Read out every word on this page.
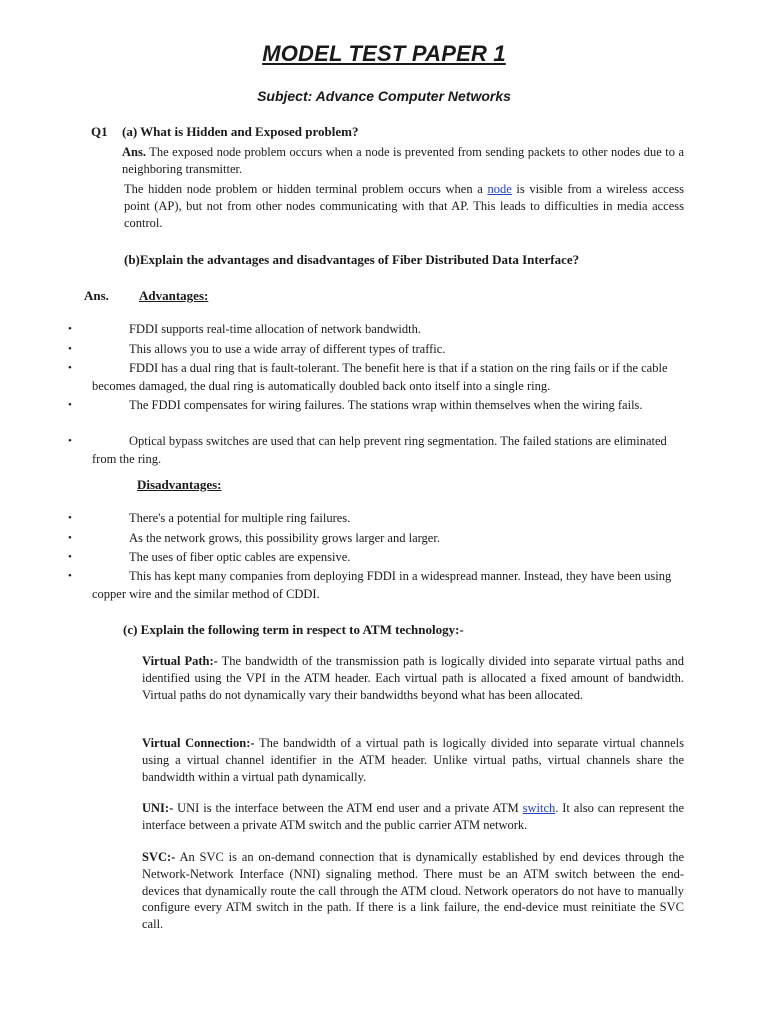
MODEL TEST PAPER 1
Subject: Advance Computer Networks
Q1 (a) What is Hidden and Exposed problem?
Ans. The exposed node problem occurs when a node is prevented from sending packets to other nodes due to a neighboring transmitter.
The hidden node problem or hidden terminal problem occurs when a node is visible from a wireless access point (AP), but not from other nodes communicating with that AP. This leads to difficulties in media access control.
(b)Explain the advantages and disadvantages of Fiber Distributed Data Interface?
Ans. Advantages:
•	FDDI supports real-time allocation of network bandwidth.
•	This allows you to use a wide array of different types of traffic.
•	FDDI has a dual ring that is fault-tolerant. The benefit here is that if a station on the ring fails or if the cable becomes damaged, the dual ring is automatically doubled back onto itself into a single ring.
•	The FDDI compensates for wiring failures. The stations wrap within themselves when the wiring fails.
•	Optical bypass switches are used that can help prevent ring segmentation. The failed stations are eliminated from the ring.
Disadvantages:
•	There's a potential for multiple ring failures.
•	As the network grows, this possibility grows larger and larger.
•	The uses of fiber optic cables are expensive.
•	This has kept many companies from deploying FDDI in a widespread manner. Instead, they have been using copper wire and the similar method of CDDI.
(c) Explain the following term in respect to ATM technology:-
Virtual Path:- The bandwidth of the transmission path is logically divided into separate virtual paths and identified using the VPI in the ATM header. Each virtual path is allocated a fixed amount of bandwidth. Virtual paths do not dynamically vary their bandwidths beyond what has been allocated.
Virtual Connection:- The bandwidth of a virtual path is logically divided into separate virtual channels using a virtual channel identifier in the ATM header. Unlike virtual paths, virtual channels share the bandwidth within a virtual path dynamically.
UNI:- UNI is the interface between the ATM end user and a private ATM switch. It also can represent the interface between a private ATM switch and the public carrier ATM network.
SVC:- An SVC is an on-demand connection that is dynamically established by end devices through the Network-Network Interface (NNI) signaling method. There must be an ATM switch between the end-devices that dynamically route the call through the ATM cloud. Network operators do not have to manually configure every ATM switch in the path. If there is a link failure, the end-device must reinitiate the SVC call.
